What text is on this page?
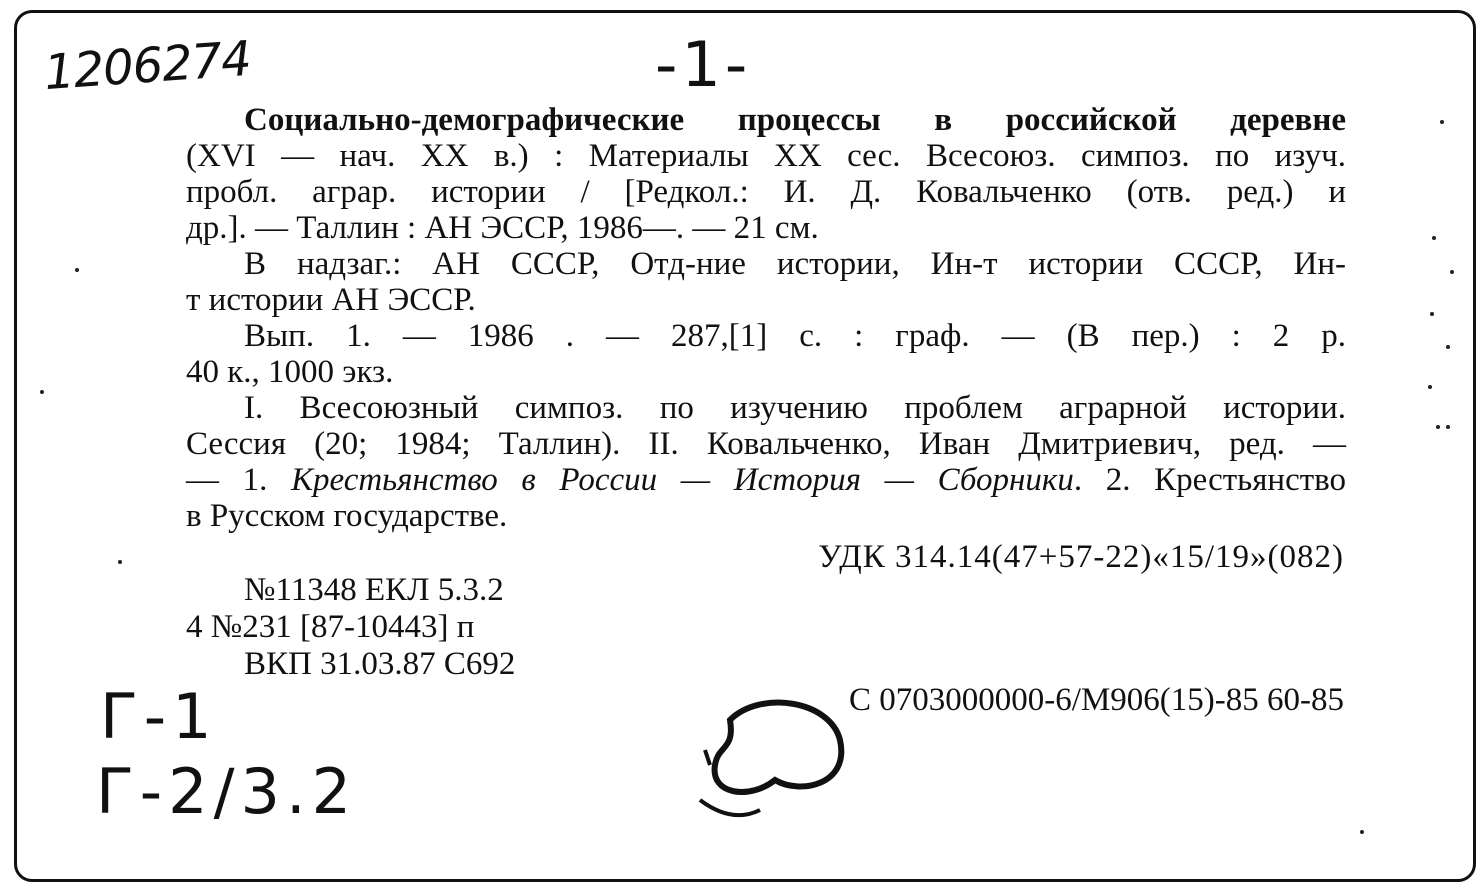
1206274	-1-
Социально-демографические процессы в российской деревне
(XVI — нач. XX в.) : Материалы XX сес. Всесоюз. симпоз. по изуч.
пробл. аграр. истории / [Редкол.: И. Д. Ковальченко (отв. ред.) и
др.]. — Таллин : АН ЭССР, 1986—. — 21 см.
В надзаг.: АН СССР, Отд-ние истории, Ин-т истории СССР, Ин-
т истории АН ЭССР.
Вып. 1. — 1986 . — 287,[1] с. : граф. — (В пер.) : 2 р.
40 к., 1000 экз.
I. Всесоюзный симпоз. по изучению проблем аграрной истории.
Сессия (20; 1984; Таллин). II. Ковальченко, Иван Дмитриевич, ред. —
— 1. Крестьянство в России — История — Сборники. 2. Крестьянство
в Русском государстве.
УДК 314.14(47+57-22)«15/19»(082)
№11348 ЕКЛ 5.3.2
4 №231 [87-10443] п
ВКП 31.03.87 С692
С 0703000000-6/М906(15)-85 60-85
Г-1
Г-2/3.2
